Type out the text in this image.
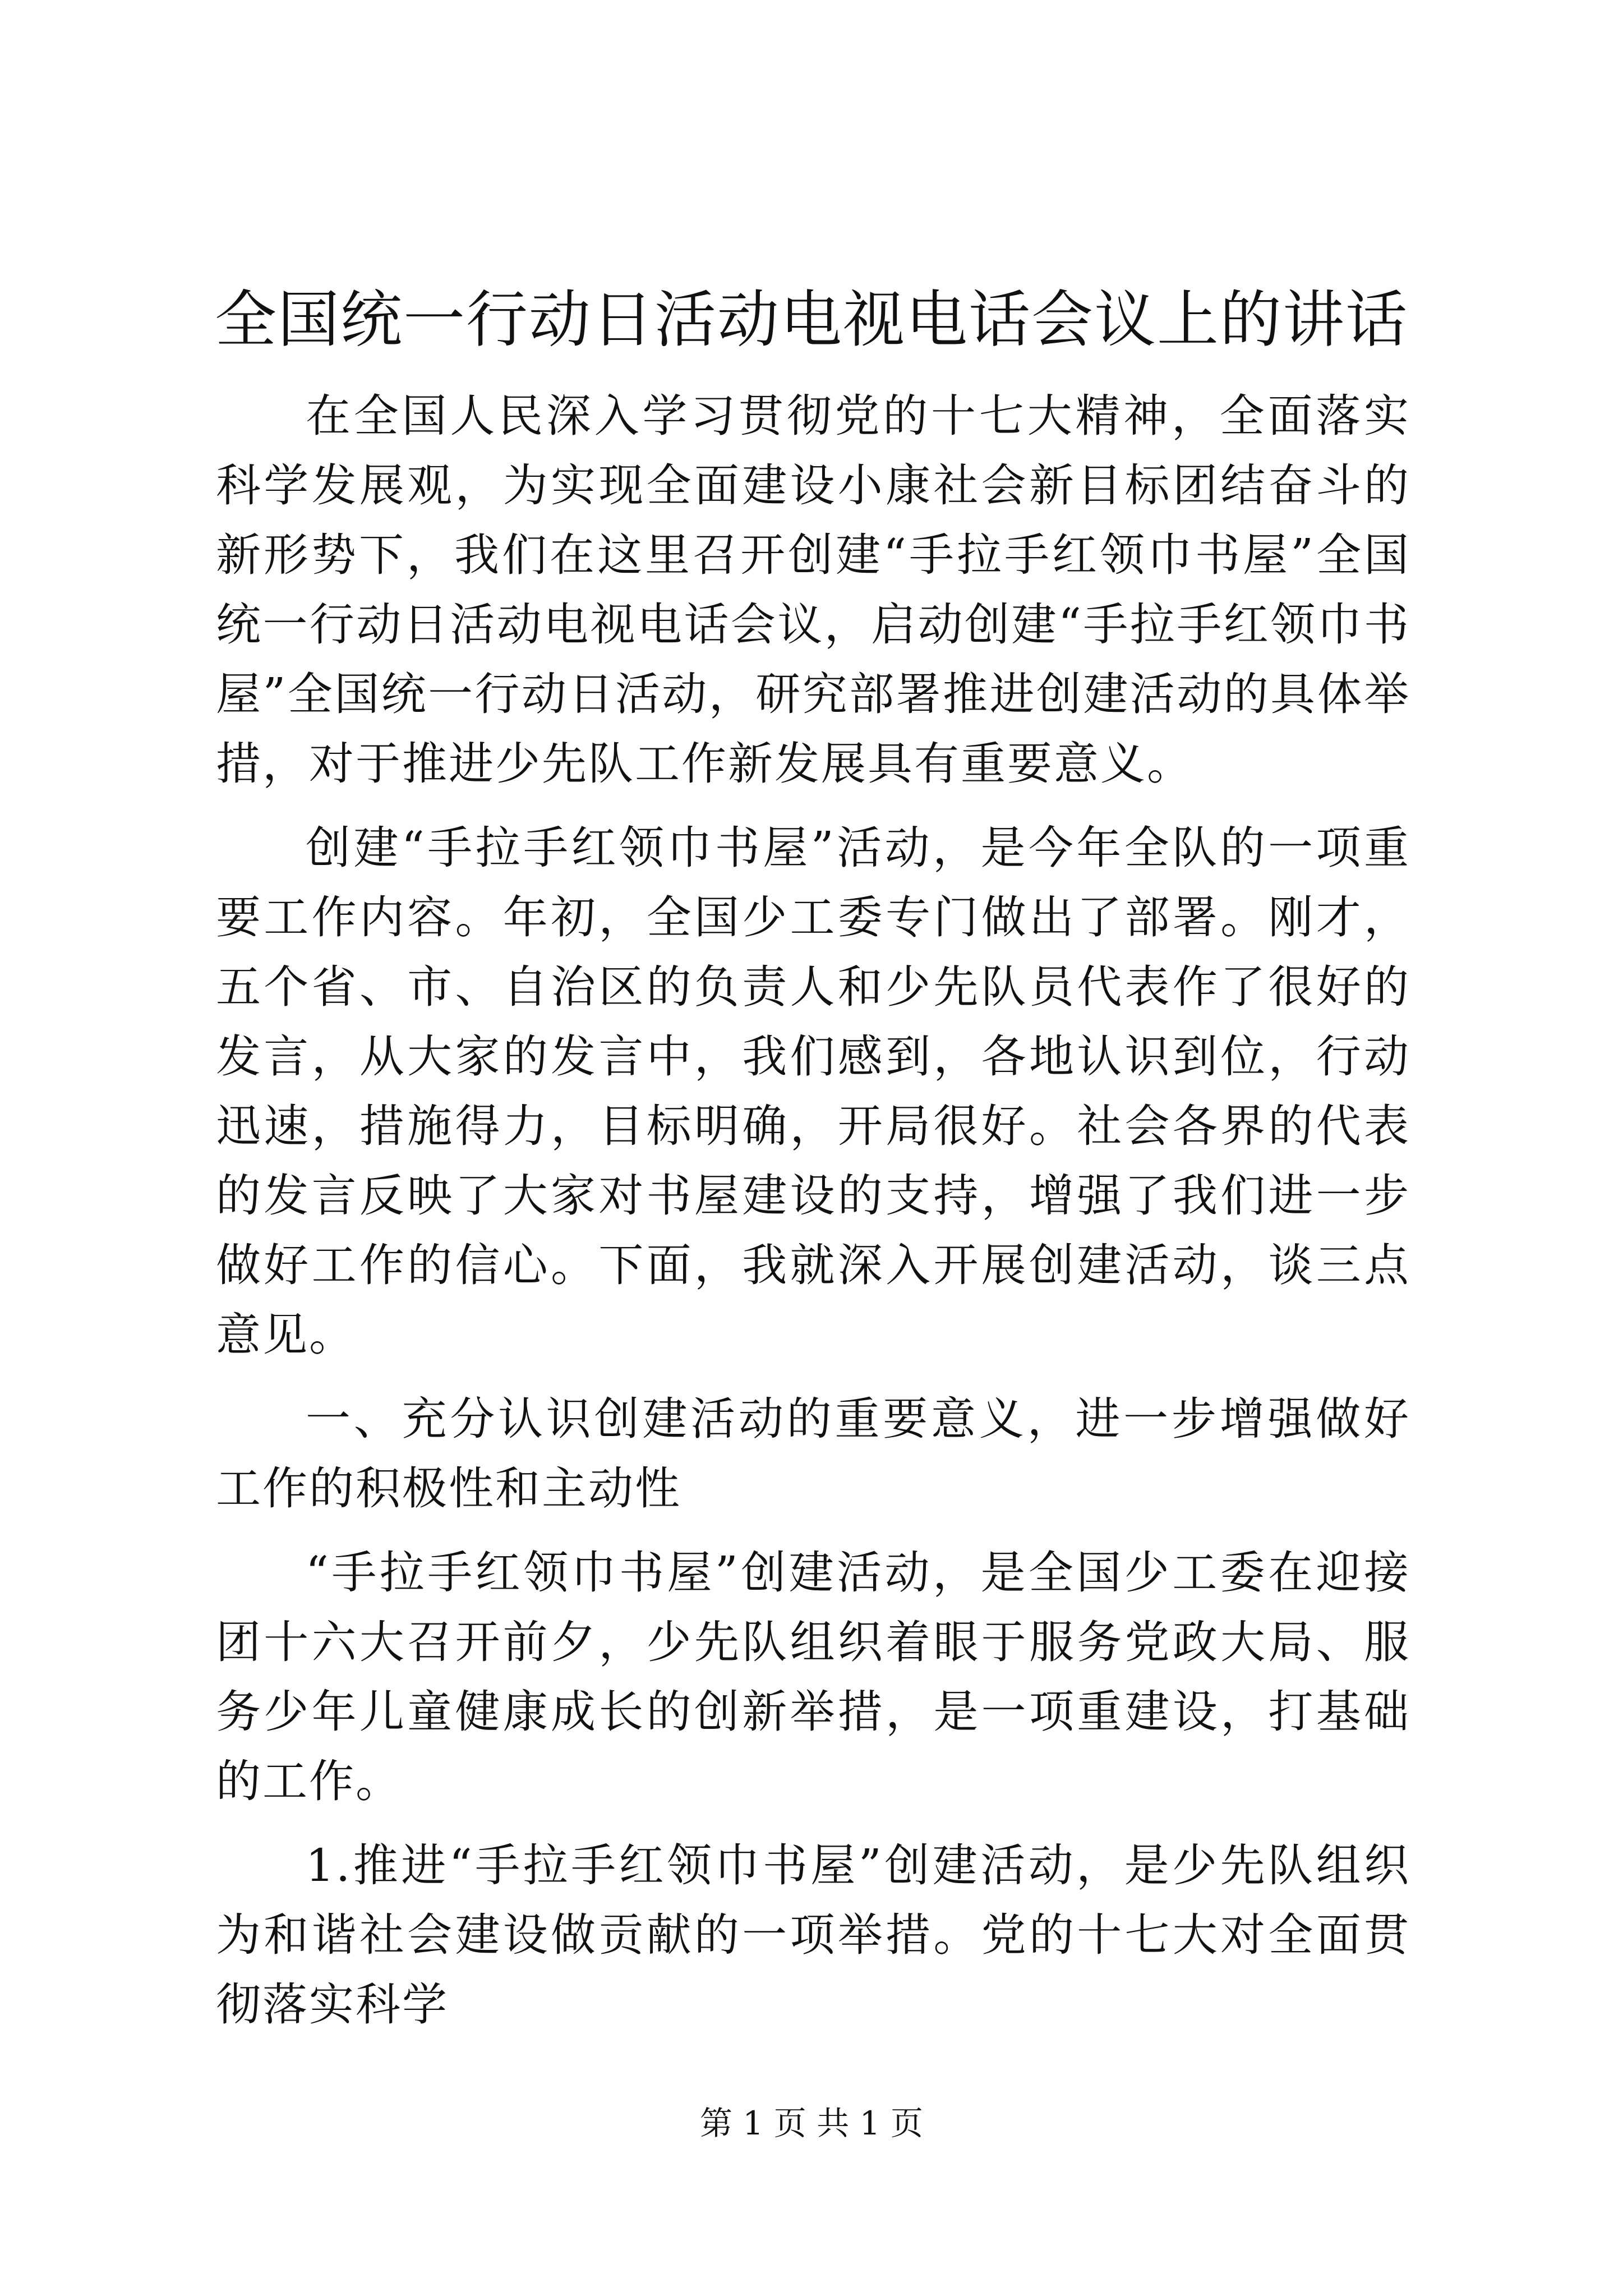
全国统一行动日活动电视电话会议上的讲话

在全国人民深入学习贯彻党的十七大精神，全面落实科学发展观，为实现全面建设小康社会新目标团结奋斗的新形势下，我们在这里召开创建“手拉手红领巾书屋”全国统一行动日活动电视电话会议，启动创建“手拉手红领巾书屋”全国统一行动日活动，研究部署推进创建活动的具体举措，对于推进少先队工作新发展具有重要意义。

创建“手拉手红领巾书屋”活动，是今年全队的一项重要工作内容。年初，全国少工委专门做出了部署。刚才，五个省、市、自治区的负责人和少先队员代表作了很好的发言，从大家的发言中，我们感到，各地认识到位，行动迅速，措施得力，目标明确，开局很好。社会各界的代表的发言反映了大家对书屋建设的支持，增强了我们进一步做好工作的信心。下面，我就深入开展创建活动，谈三点意见。

一、充分认识创建活动的重要意义，进一步增强做好工作的积极性和主动性

“手拉手红领巾书屋”创建活动，是全国少工委在迎接团十六大召开前夕，少先队组织着眼于服务党政大局、服务少年儿童健康成长的创新举措，是一项重建设，打基础的工作。

1.推进“手拉手红领巾书屋”创建活动，是少先队组织为和谐社会建设做贡献的一项举措。党的十七大对全面贯彻落实科学

第 1 页 共 1 页
